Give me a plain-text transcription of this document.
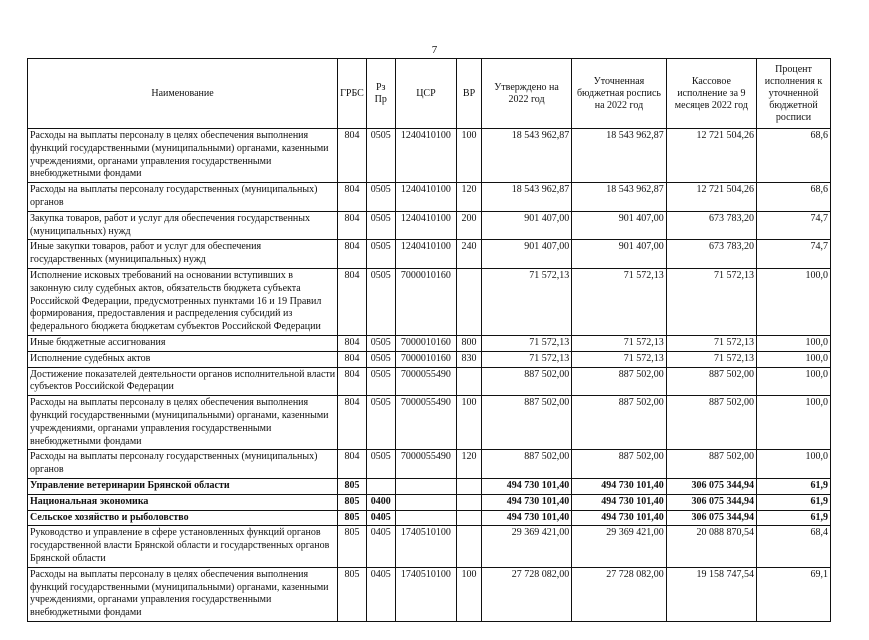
7
Наименование	ГРБС	Рз Пр	ЦСР	ВР	Утверждено на 2022 год	Уточненная бюджетная роспись на 2022 год	Кассовое исполнение за 9 месяцев 2022 год	Процент исполнения к уточненной бюджетной росписи
Расходы на выплаты персоналу в целях обеспечения выполнения функций государственными (муниципальными) органами, казенными учреждениями, органами управления государственными внебюджетными фондами	804	0505	1240410100	100	18 543 962,87	18 543 962,87	12 721 504,26	68,6
Расходы на выплаты персоналу государственных (муниципальных) органов	804	0505	1240410100	120	18 543 962,87	18 543 962,87	12 721 504,26	68,6
Закупка товаров, работ и услуг для обеспечения государственных (муниципальных) нужд	804	0505	1240410100	200	901 407,00	901 407,00	673 783,20	74,7
Иные закупки товаров, работ и услуг для обеспечения государственных (муниципальных) нужд	804	0505	1240410100	240	901 407,00	901 407,00	673 783,20	74,7
Исполнение исковых требований на основании вступивших в законную силу судебных актов, обязательств бюджета субъекта Российской Федерации, предусмотренных пунктами 16 и 19 Правил формирования, предоставления и распределения субсидий из федерального бюджета бюджетам субъектов Российской Федерации	804	0505	7000010160		71 572,13	71 572,13	71 572,13	100,0
Иные бюджетные ассигнования	804	0505	7000010160	800	71 572,13	71 572,13	71 572,13	100,0
Исполнение судебных актов	804	0505	7000010160	830	71 572,13	71 572,13	71 572,13	100,0
Достижение показателей деятельности органов исполнительной власти субъектов Российской Федерации	804	0505	7000055490		887 502,00	887 502,00	887 502,00	100,0
Расходы на выплаты персоналу в целях обеспечения выполнения функций государственными (муниципальными) органами, казенными учреждениями, органами управления государственными внебюджетными фондами	804	0505	7000055490	100	887 502,00	887 502,00	887 502,00	100,0
Расходы на выплаты персоналу государственных (муниципальных) органов	804	0505	7000055490	120	887 502,00	887 502,00	887 502,00	100,0
Управление ветеринарии Брянской области	805				494 730 101,40	494 730 101,40	306 075 344,94	61,9
Национальная экономика	805	0400			494 730 101,40	494 730 101,40	306 075 344,94	61,9
Сельское хозяйство и рыболовство	805	0405			494 730 101,40	494 730 101,40	306 075 344,94	61,9
Руководство и управление в сфере установленных функций органов государственной власти Брянской области и государственных органов Брянской области	805	0405	1740510100		29 369 421,00	29 369 421,00	20 088 870,54	68,4
Расходы на выплаты персоналу в целях обеспечения выполнения функций государственными (муниципальными) органами, казенными учреждениями, органами управления государственными внебюджетными фондами	805	0405	1740510100	100	27 728 082,00	27 728 082,00	19 158 747,54	69,1
